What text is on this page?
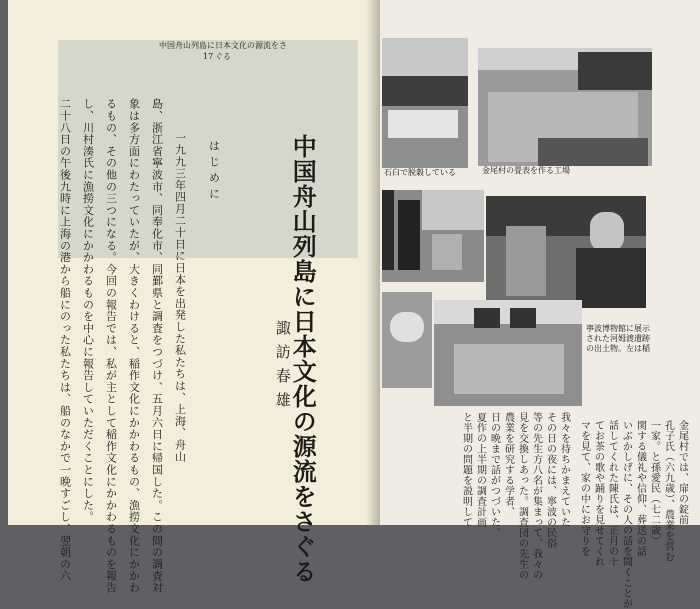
中国舟山列島に日本文化の源流をさぐる
17
中国舟山列島に日本文化の源流をさぐる
諏訪春雄
はじめに
一九九三年四月二十日に日本を出発した私たちは、上海、舟山
島、浙江省寧波市、同奉化市、同鄞県と調査をつづけ、五月六日に帰国した。この間の調査対
象は多方面にわたっていたが、大きくわけると、稲作文化にかかわるもの、漁撈文化にかかわ
るもの、その他の三つになる。今回の報告では、私が主として稲作文化にかかわるものを報告
し、川村湊氏に漁撈文化にかかわるものを中心に報告していただくことにした。
二十八日の午後九時に上海の港から船にのった私たちは、船のなかで一晩すごし、翌朝の六	石臼で脱穀している	金尾村の畳表を作る工場
寧波博物館に展示された河姆渡遺跡の出土物。左は稲
金尾村では、扉の錠前
孔子氏（六九歳）、農業を営む
一家。と孫愛民（七二歳）
関する儀礼や信仰、葬送の話
いぶかしげに、その人の話を聞くことが
話してくれた陳氏は、正月の十
てお茶の歌や踊りを見せてくれ
マを見て、家の中にお守りを
我々を待ちかまえていた
その日の夜には、寧波の民俗
等の先生方八名が集まって、我々の
見を交換しあった。調査団の先生の
農業を研究する学者、
日の晩まで話がつづいた。
夏作の上半期の調査計画
と半期の問題を説明して
